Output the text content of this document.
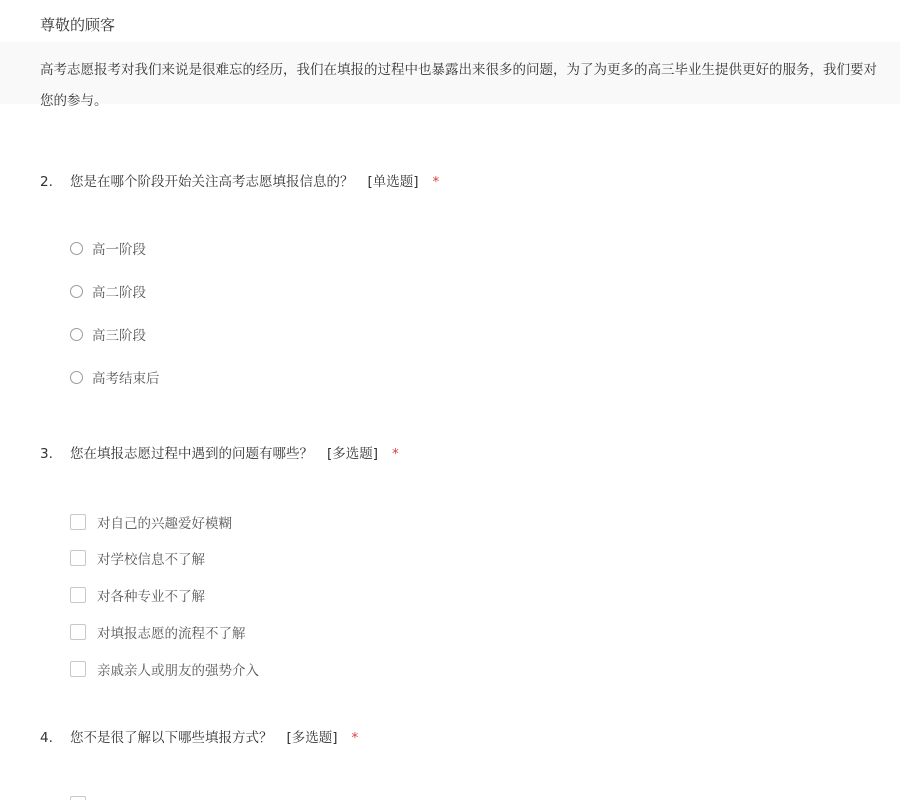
尊敬的顾客
高考志愿报考对我们来说是很难忘的经历，我们在填报的过程中也暴露出来很多的问题，为了为更多的高三毕业生提供更好的服务，我们要对
您的参与。
2. 您是在哪个阶段开始关注高考志愿填报信息的？ [单选题] *
高一阶段
高二阶段
高三阶段
高考结束后
3. 您在填报志愿过程中遇到的问题有哪些？ [多选题] *
对自己的兴趣爱好模糊
对学校信息不了解
对各种专业不了解
对填报志愿的流程不了解
亲戚亲人或朋友的强势介入
4. 您不是很了解以下哪些填报方式？ [多选题] *
